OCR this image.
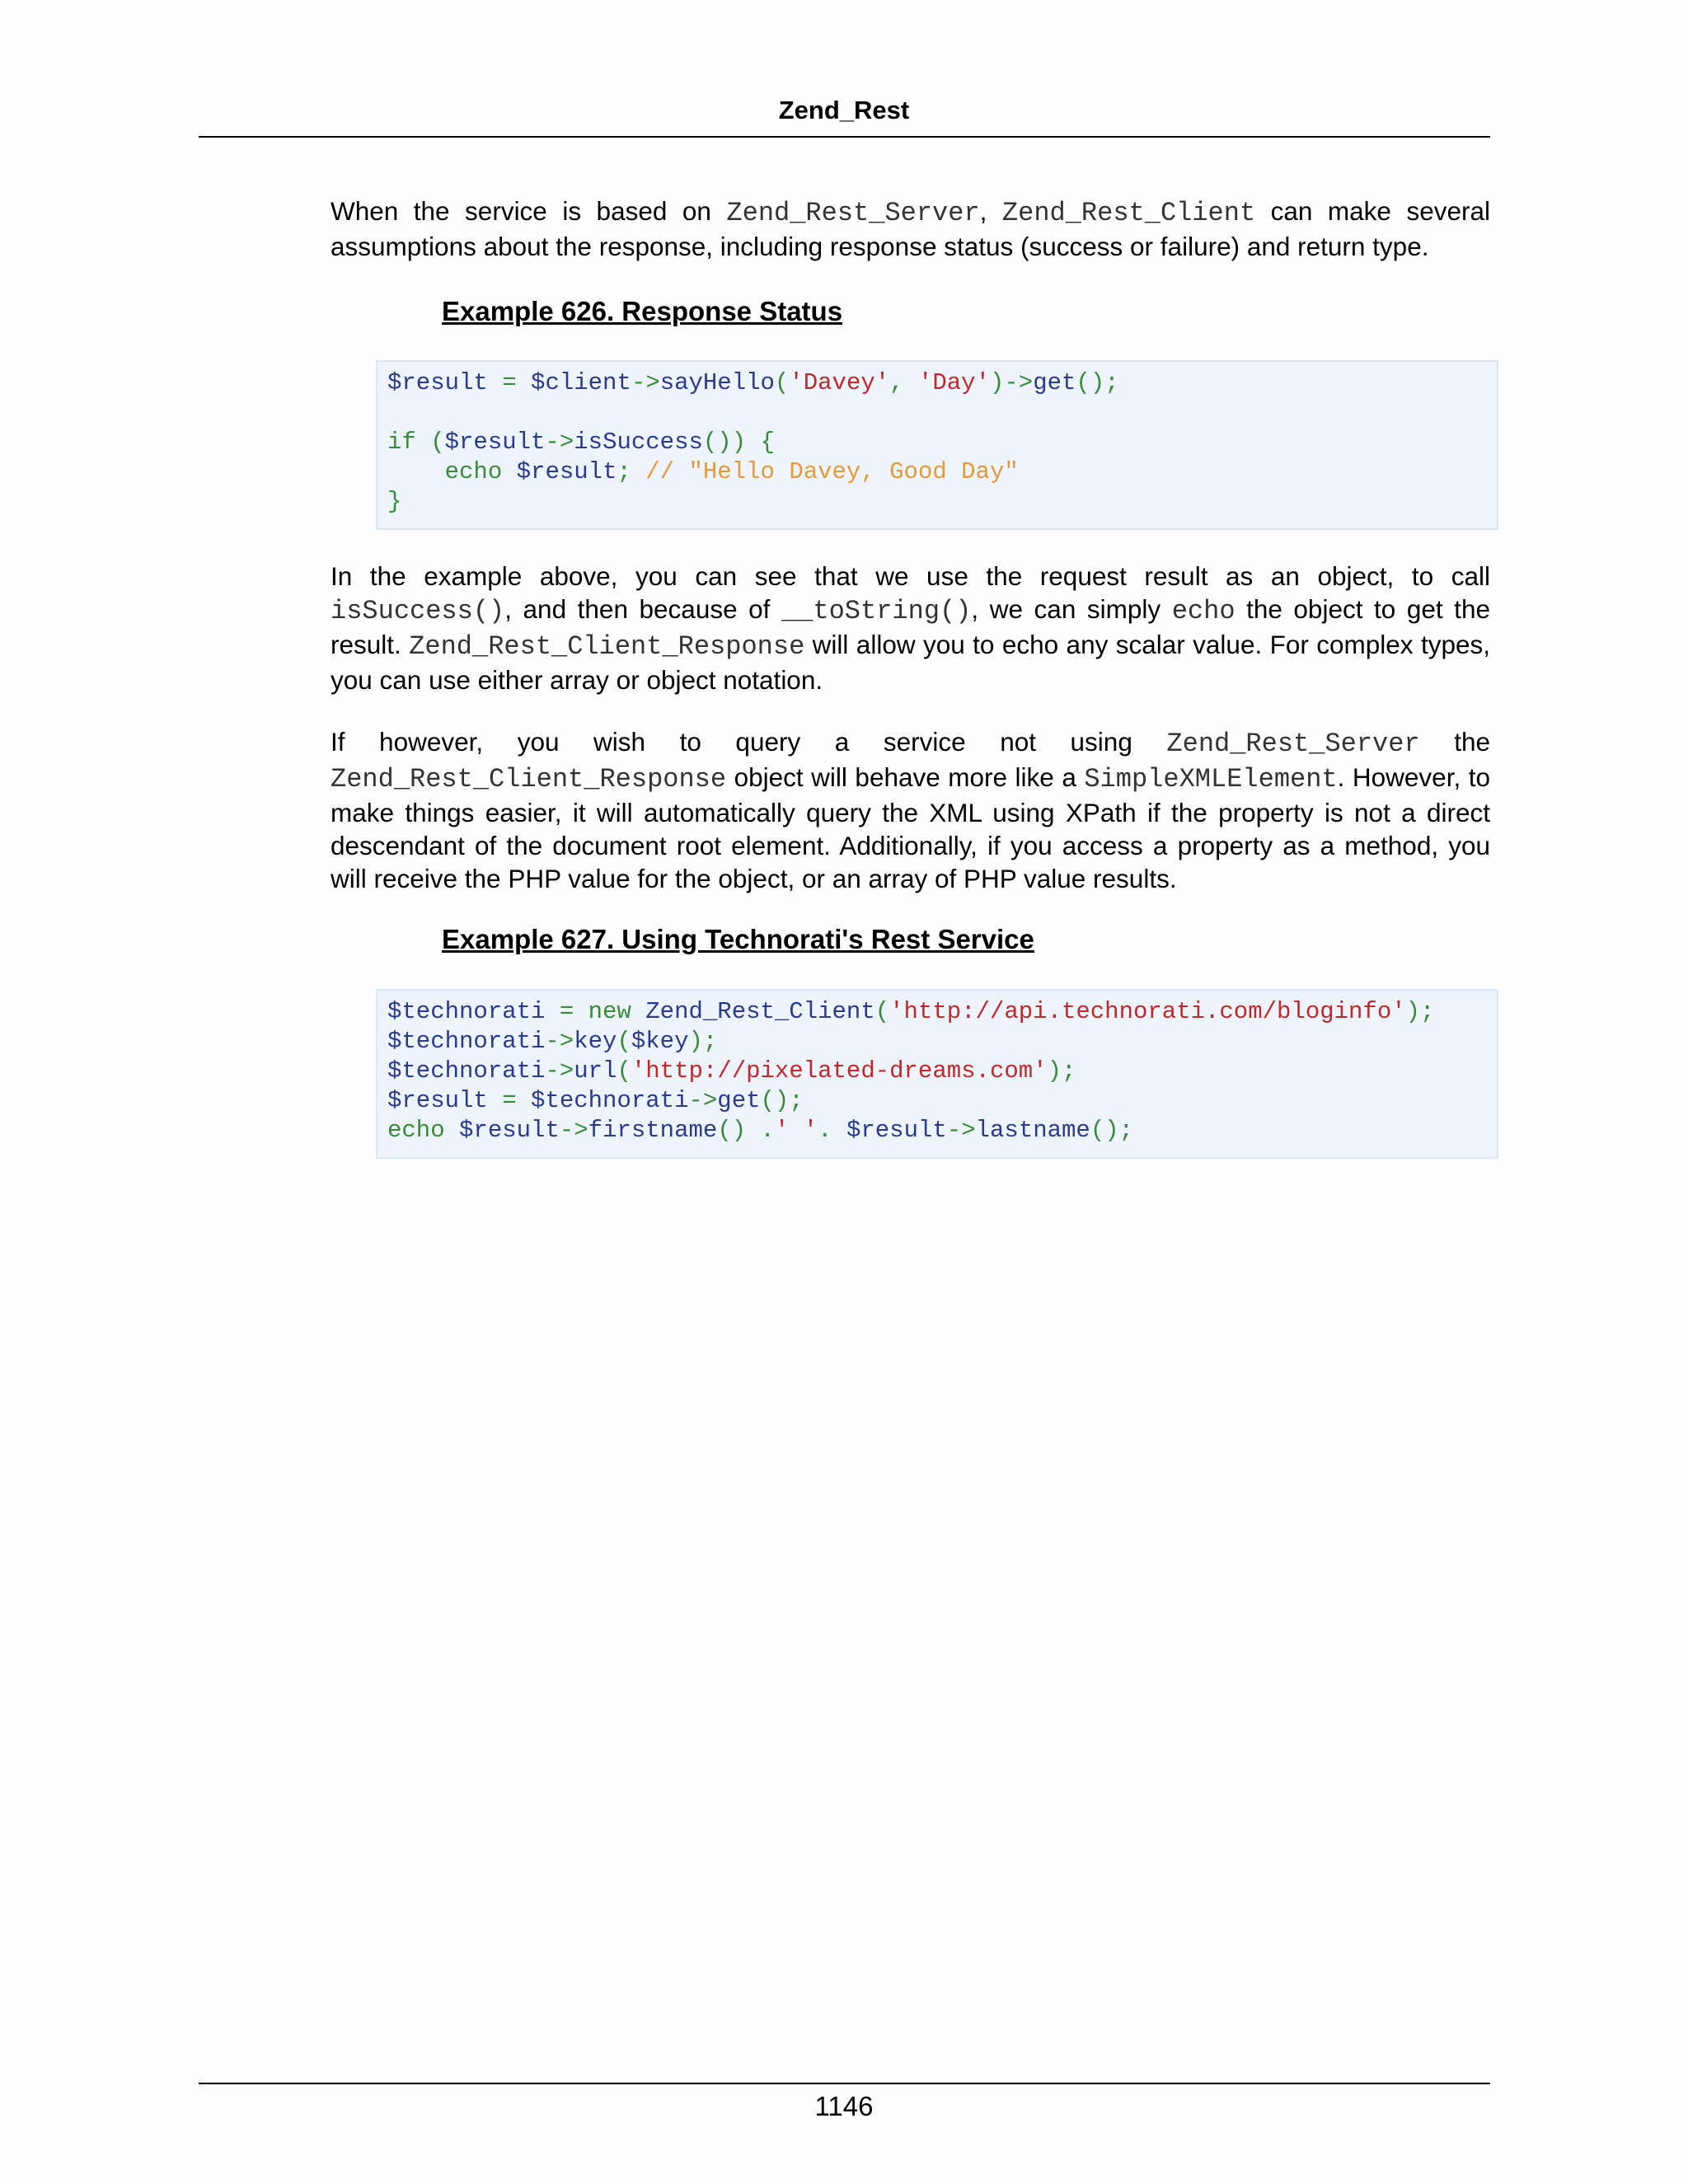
Zend_Rest

When the service is based on Zend_Rest_Server, Zend_Rest_Client can make several assumptions about the response, including response status (success or failure) and return type.

Example 626. Response Status
$result = $client->sayHello('Davey', 'Day')->get();

if ($result->isSuccess()) {
echo $result; // "Hello Davey, Good Day"
}

In the example above, you can see that we use the request result as an object, to call isSuccess(), and then because of __toString(), we can simply echo the object to get the result. Zend_Rest_Client_Response will allow you to echo any scalar value. For complex types, you can use either array or object notation.

If however, you wish to query a service not using Zend_Rest_Server the Zend_Rest_Client_Response object will behave more like a SimpleXMLElement. However, to make things easier, it will automatically query the XML using XPath if the property is not a direct descendant of the document root element. Additionally, if you access a property as a method, you will receive the PHP value for the object, or an array of PHP value results.

Example 627. Using Technorati's Rest Service
$technorati = new Zend_Rest_Client('http://api.technorati.com/bloginfo');
$technorati->key($key);
$technorati->url('http://pixelated-dreams.com');
$result = $technorati->get();
echo $result->firstname() .' '. $result->lastname();
1146
